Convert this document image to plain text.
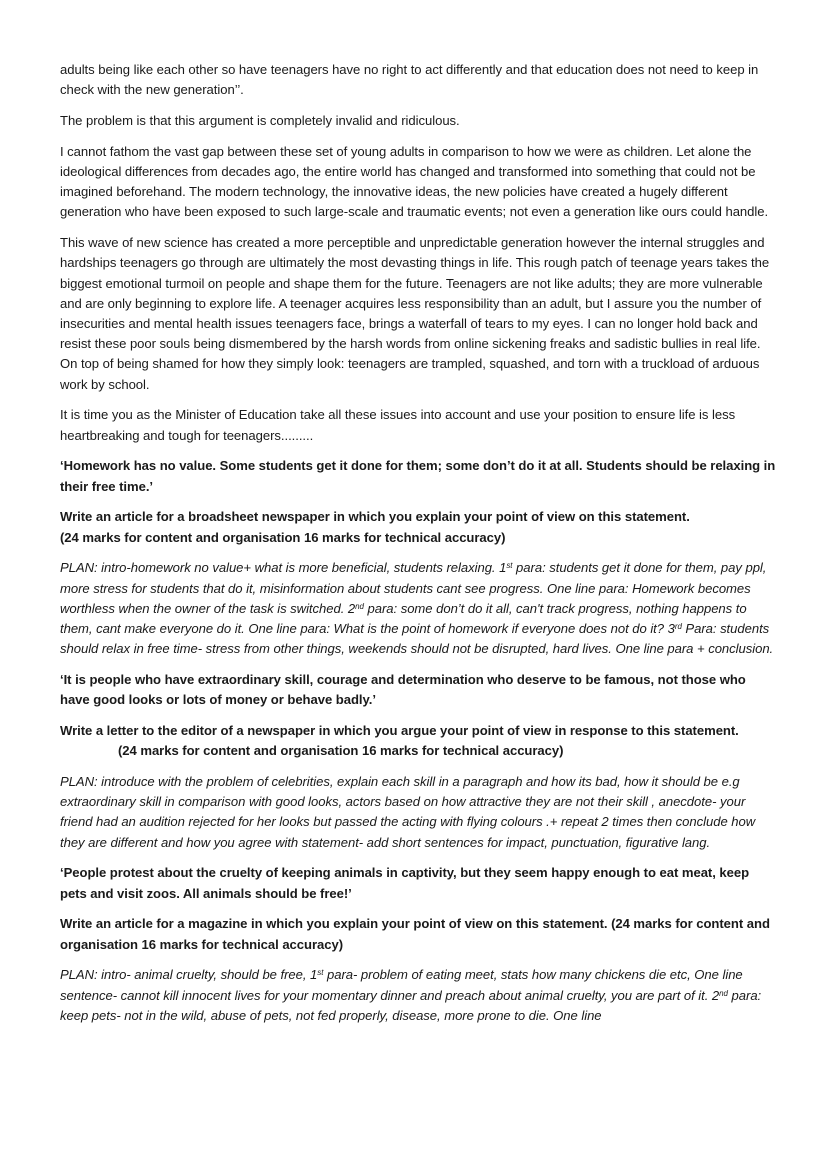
adults being like each other so have teenagers have no right to act differently and that education does not need to keep in check with the new generation’’.

The problem is that this argument is completely invalid and ridiculous.

I cannot fathom the vast gap between these set of young adults in comparison to how we were as children. Let alone the ideological differences from decades ago, the entire world has changed and transformed into something that could not be imagined beforehand. The modern technology, the innovative ideas, the new policies have created a hugely different generation who have been exposed to such large-scale and traumatic events; not even a generation like ours could handle.

This wave of new science has created a more perceptible and unpredictable generation however the internal struggles and hardships teenagers go through are ultimately the most devasting things in life. This rough patch of teenage years takes the biggest emotional turmoil on people and shape them for the future. Teenagers are not like adults; they are more vulnerable and are only beginning to explore life. A teenager acquires less responsibility than an adult, but I assure you the number of insecurities and mental health issues teenagers face, brings a waterfall of tears to my eyes. I can no longer hold back and resist these poor souls being dismembered by the harsh words from online sickening freaks and sadistic bullies in real life. On top of being shamed for how they simply look: teenagers are trampled, squashed, and torn with a truckload of arduous work by school.

It is time you as the Minister of Education take all these issues into account and use your position to ensure life is less heartbreaking and tough for teenagers.........

‘Homework has no value. Some students get it done for them; some don’t do it at all. Students should be relaxing in their free time.’

Write an article for a broadsheet newspaper in which you explain your point of view on this statement.
(24 marks for content and organisation 16 marks for technical accuracy)

PLAN: intro-homework no value+ what is more beneficial, students relaxing. 1st para: students get it done for them, pay ppl, more stress for students that do it, misinformation about students cant see progress. One line para: Homework becomes worthless when the owner of the task is switched. 2nd para: some don’t do it all, can't track progress, nothing happens to them, cant make everyone do it. One line para: What is the point of homework if everyone does not do it? 3rd Para: students should relax in free time- stress from other things, weekends should not be disrupted, hard lives. One line para + conclusion.

‘It is people who have extraordinary skill, courage and determination who deserve to be famous, not those who have good looks or lots of money or behave badly.’

Write a letter to the editor of a newspaper in which you argue your point of view in response to this statement.(24 marks for content and organisation 16 marks for technical accuracy)

PLAN: introduce with the problem of celebrities, explain each skill in a paragraph and how its bad, how it should be e.g extraordinary skill in comparison with good looks, actors based on how attractive they are not their skill , anecdote- your friend had an audition rejected for her looks but passed the acting with flying colours .+ repeat 2 times then conclude how they are different and how you agree with statement- add short sentences for impact, punctuation, figurative lang.

‘People protest about the cruelty of keeping animals in captivity, but they seem happy enough to eat meat, keep pets and visit zoos. All animals should be free!’

Write an article for a magazine in which you explain your point of view on this statement. (24 marks for content and organisation 16 marks for technical accuracy)

PLAN: intro- animal cruelty, should be free, 1st para- problem of eating meet, stats how many chickens die etc, One line sentence- cannot kill innocent lives for your momentary dinner and preach about animal cruelty, you are part of it. 2nd para: keep pets- not in the wild, abuse of pets, not fed properly, disease, more prone to die. One line
